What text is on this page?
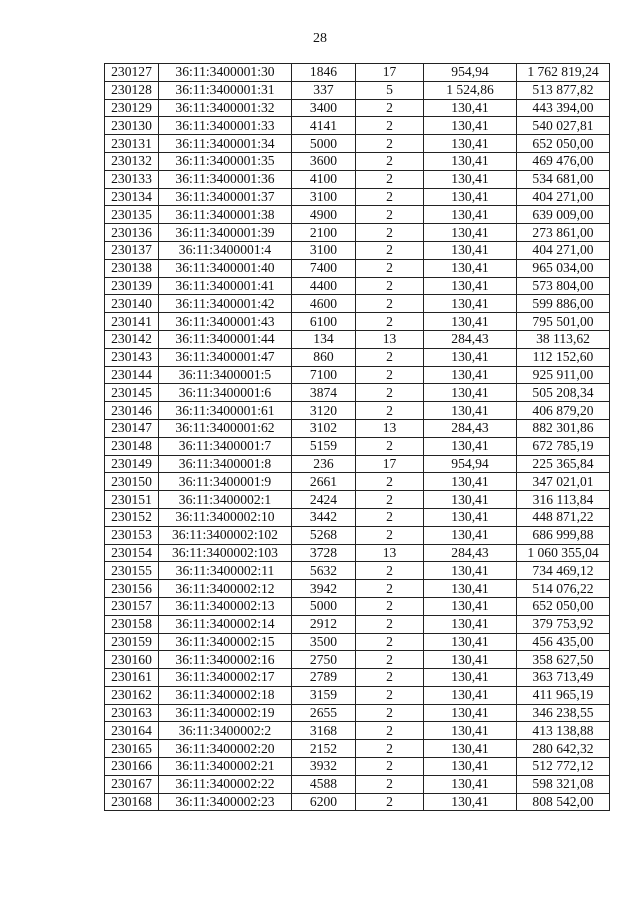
28
230127	36:11:3400001:30	1846	17	954,94	1 762 819,24
230128	36:11:3400001:31	337	5	1 524,86	513 877,82
230129	36:11:3400001:32	3400	2	130,41	443 394,00
230130	36:11:3400001:33	4141	2	130,41	540 027,81
230131	36:11:3400001:34	5000	2	130,41	652 050,00
230132	36:11:3400001:35	3600	2	130,41	469 476,00
230133	36:11:3400001:36	4100	2	130,41	534 681,00
230134	36:11:3400001:37	3100	2	130,41	404 271,00
230135	36:11:3400001:38	4900	2	130,41	639 009,00
230136	36:11:3400001:39	2100	2	130,41	273 861,00
230137	36:11:3400001:4	3100	2	130,41	404 271,00
230138	36:11:3400001:40	7400	2	130,41	965 034,00
230139	36:11:3400001:41	4400	2	130,41	573 804,00
230140	36:11:3400001:42	4600	2	130,41	599 886,00
230141	36:11:3400001:43	6100	2	130,41	795 501,00
230142	36:11:3400001:44	134	13	284,43	38 113,62
230143	36:11:3400001:47	860	2	130,41	112 152,60
230144	36:11:3400001:5	7100	2	130,41	925 911,00
230145	36:11:3400001:6	3874	2	130,41	505 208,34
230146	36:11:3400001:61	3120	2	130,41	406 879,20
230147	36:11:3400001:62	3102	13	284,43	882 301,86
230148	36:11:3400001:7	5159	2	130,41	672 785,19
230149	36:11:3400001:8	236	17	954,94	225 365,84
230150	36:11:3400001:9	2661	2	130,41	347 021,01
230151	36:11:3400002:1	2424	2	130,41	316 113,84
230152	36:11:3400002:10	3442	2	130,41	448 871,22
230153	36:11:3400002:102	5268	2	130,41	686 999,88
230154	36:11:3400002:103	3728	13	284,43	1 060 355,04
230155	36:11:3400002:11	5632	2	130,41	734 469,12
230156	36:11:3400002:12	3942	2	130,41	514 076,22
230157	36:11:3400002:13	5000	2	130,41	652 050,00
230158	36:11:3400002:14	2912	2	130,41	379 753,92
230159	36:11:3400002:15	3500	2	130,41	456 435,00
230160	36:11:3400002:16	2750	2	130,41	358 627,50
230161	36:11:3400002:17	2789	2	130,41	363 713,49
230162	36:11:3400002:18	3159	2	130,41	411 965,19
230163	36:11:3400002:19	2655	2	130,41	346 238,55
230164	36:11:3400002:2	3168	2	130,41	413 138,88
230165	36:11:3400002:20	2152	2	130,41	280 642,32
230166	36:11:3400002:21	3932	2	130,41	512 772,12
230167	36:11:3400002:22	4588	2	130,41	598 321,08
230168	36:11:3400002:23	6200	2	130,41	808 542,00
